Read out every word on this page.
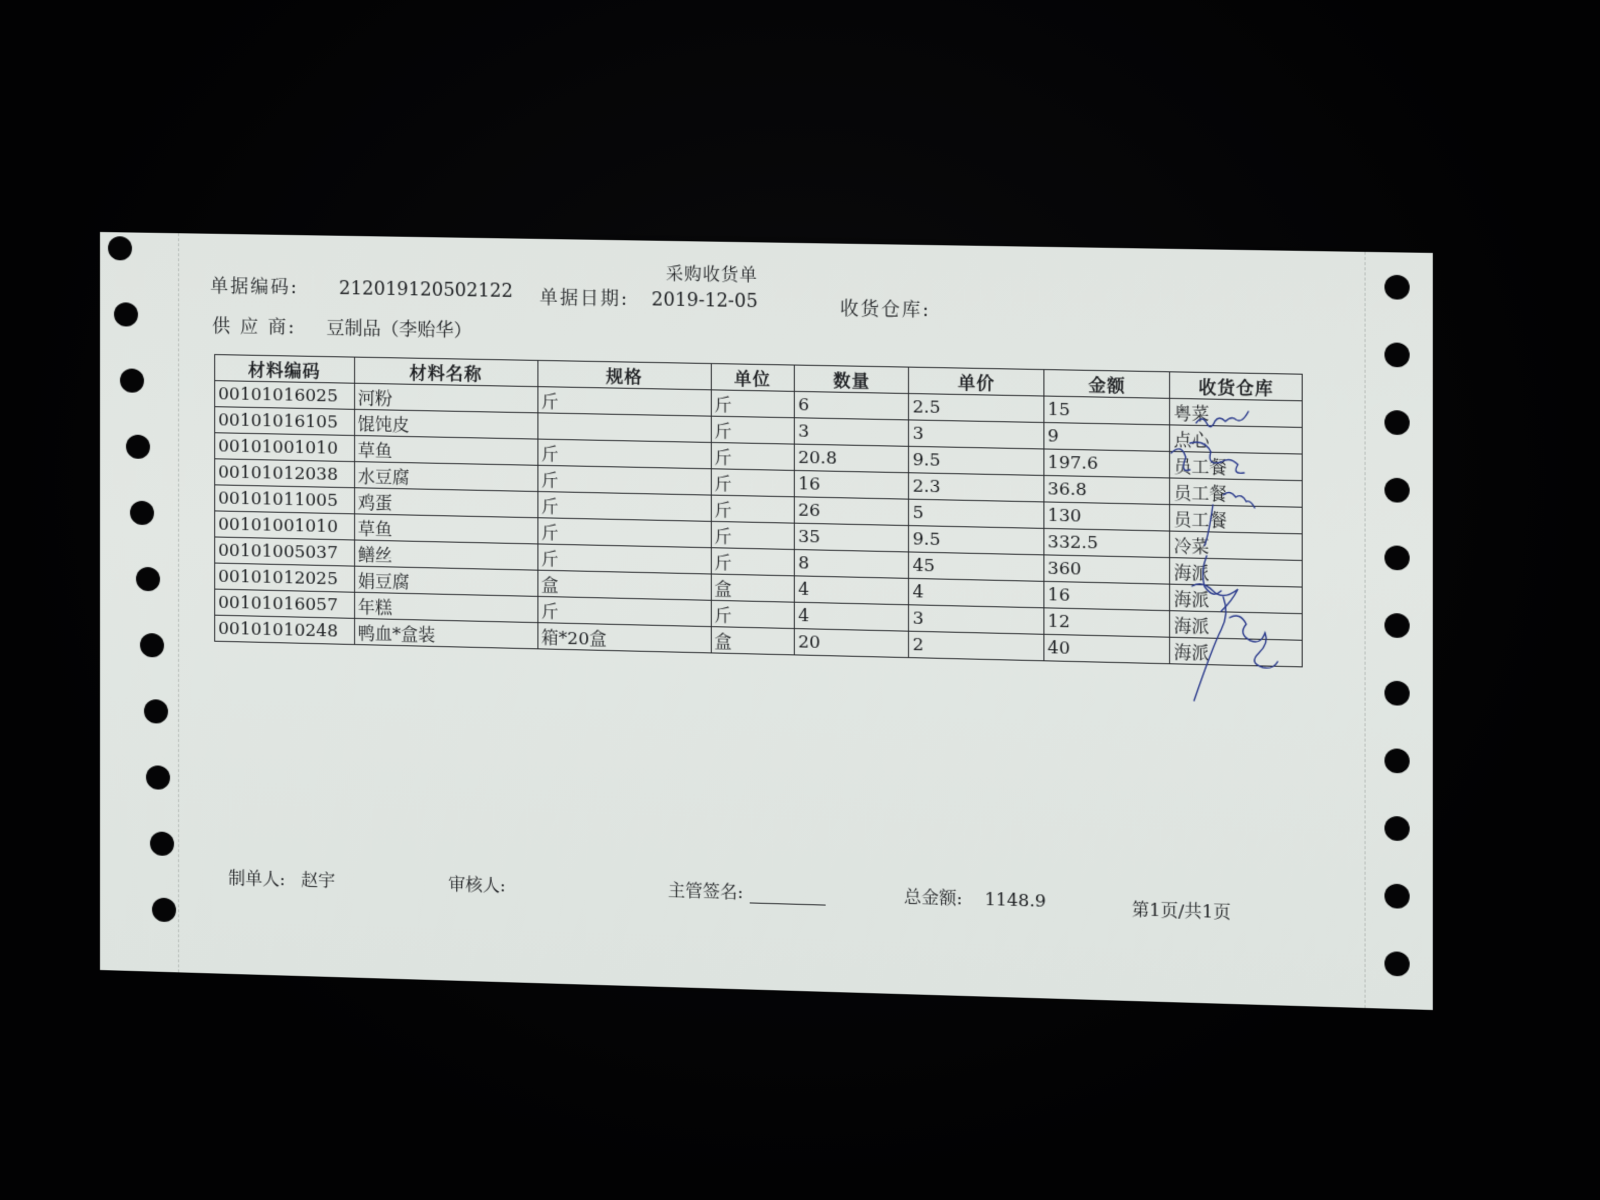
采购收货单
单据编码: 212019120502122 单据日期: 2019-12-05	收货仓库:
供 应 商: 豆制品（李贻华）
材料编码	材料名称	规格	单位	数量	单价	金额	收货仓库
00101016025	河粉	斤	斤	6	2.5	15	粤菜
00101016105	馄饨皮		斤	3	3	9	点心
00101001010	草鱼	斤	斤	20.8	9.5	197.6	员工餐
00101012038	水豆腐	斤	斤	16	2.3	36.8	员工餐
00101011005	鸡蛋	斤	斤	26	5	130	员工餐
00101001010	草鱼	斤	斤	35	9.5	332.5	冷菜
00101005037	鳝丝	斤	斤	8	45	360	海派
00101012025	娟豆腐	盒	盒	4	4	16	海派
00101016057	年糕	斤	斤	4	3	12	海派
00101010248	鸭血*盒装	箱*20盒	盒	20	2	40	海派
制单人: 赵宇	审核人:	主管签名:	总金额: 1148.9	第1页/共1页
